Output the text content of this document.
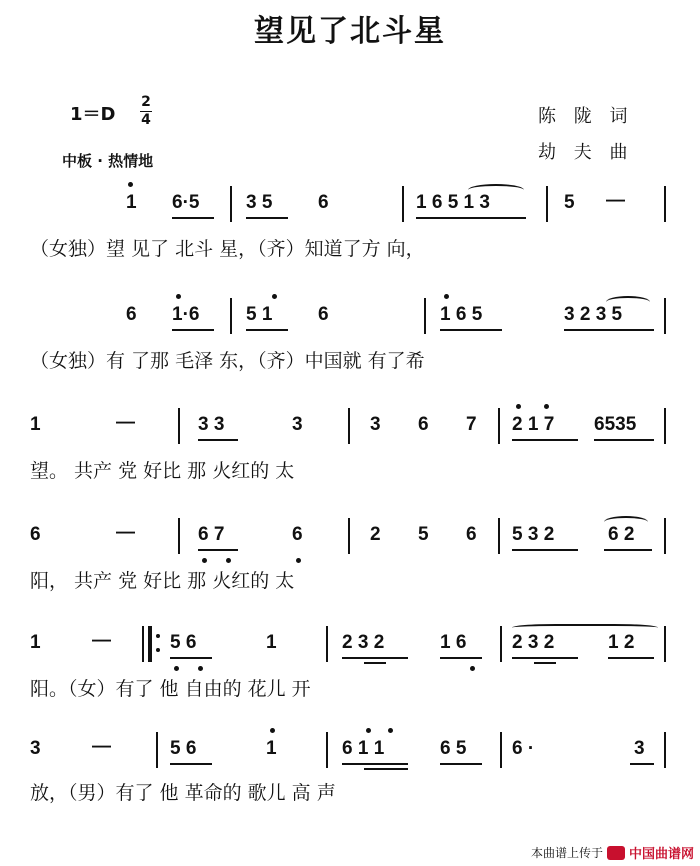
望见了北斗星
1＝D
2
4
中板 · 热情地
陈 陇 词
劫 夫 曲
1 6·5 3 5 6	1 6 5 1 3	5 —
（女独）望 见了 北斗 星，（齐）知道了方 向，
6 1·6 5 1 6	1 6 5	3 2 3 5
（女独）有 了那 毛泽 东，（齐）中国就 有了希
1	—	3 3	3	3 6 7 2 1 7 6535
望。 共产 党 好比 那 火红的 太
6	—	6 7	6	2 5 6 5 3 2	6 2
阳， 共产 党 好比 那 火红的 太
1	—	5 6	1	2 3 2	1 6 2 3 2	1 2
阳。（女）有了 他 自由的 花儿 开
3	—	5 6	1	6 1 1	6 5 6 ·	3
放，（男）有了 他 革命的 歌儿 高 声
本曲谱上传于 中国曲谱网
